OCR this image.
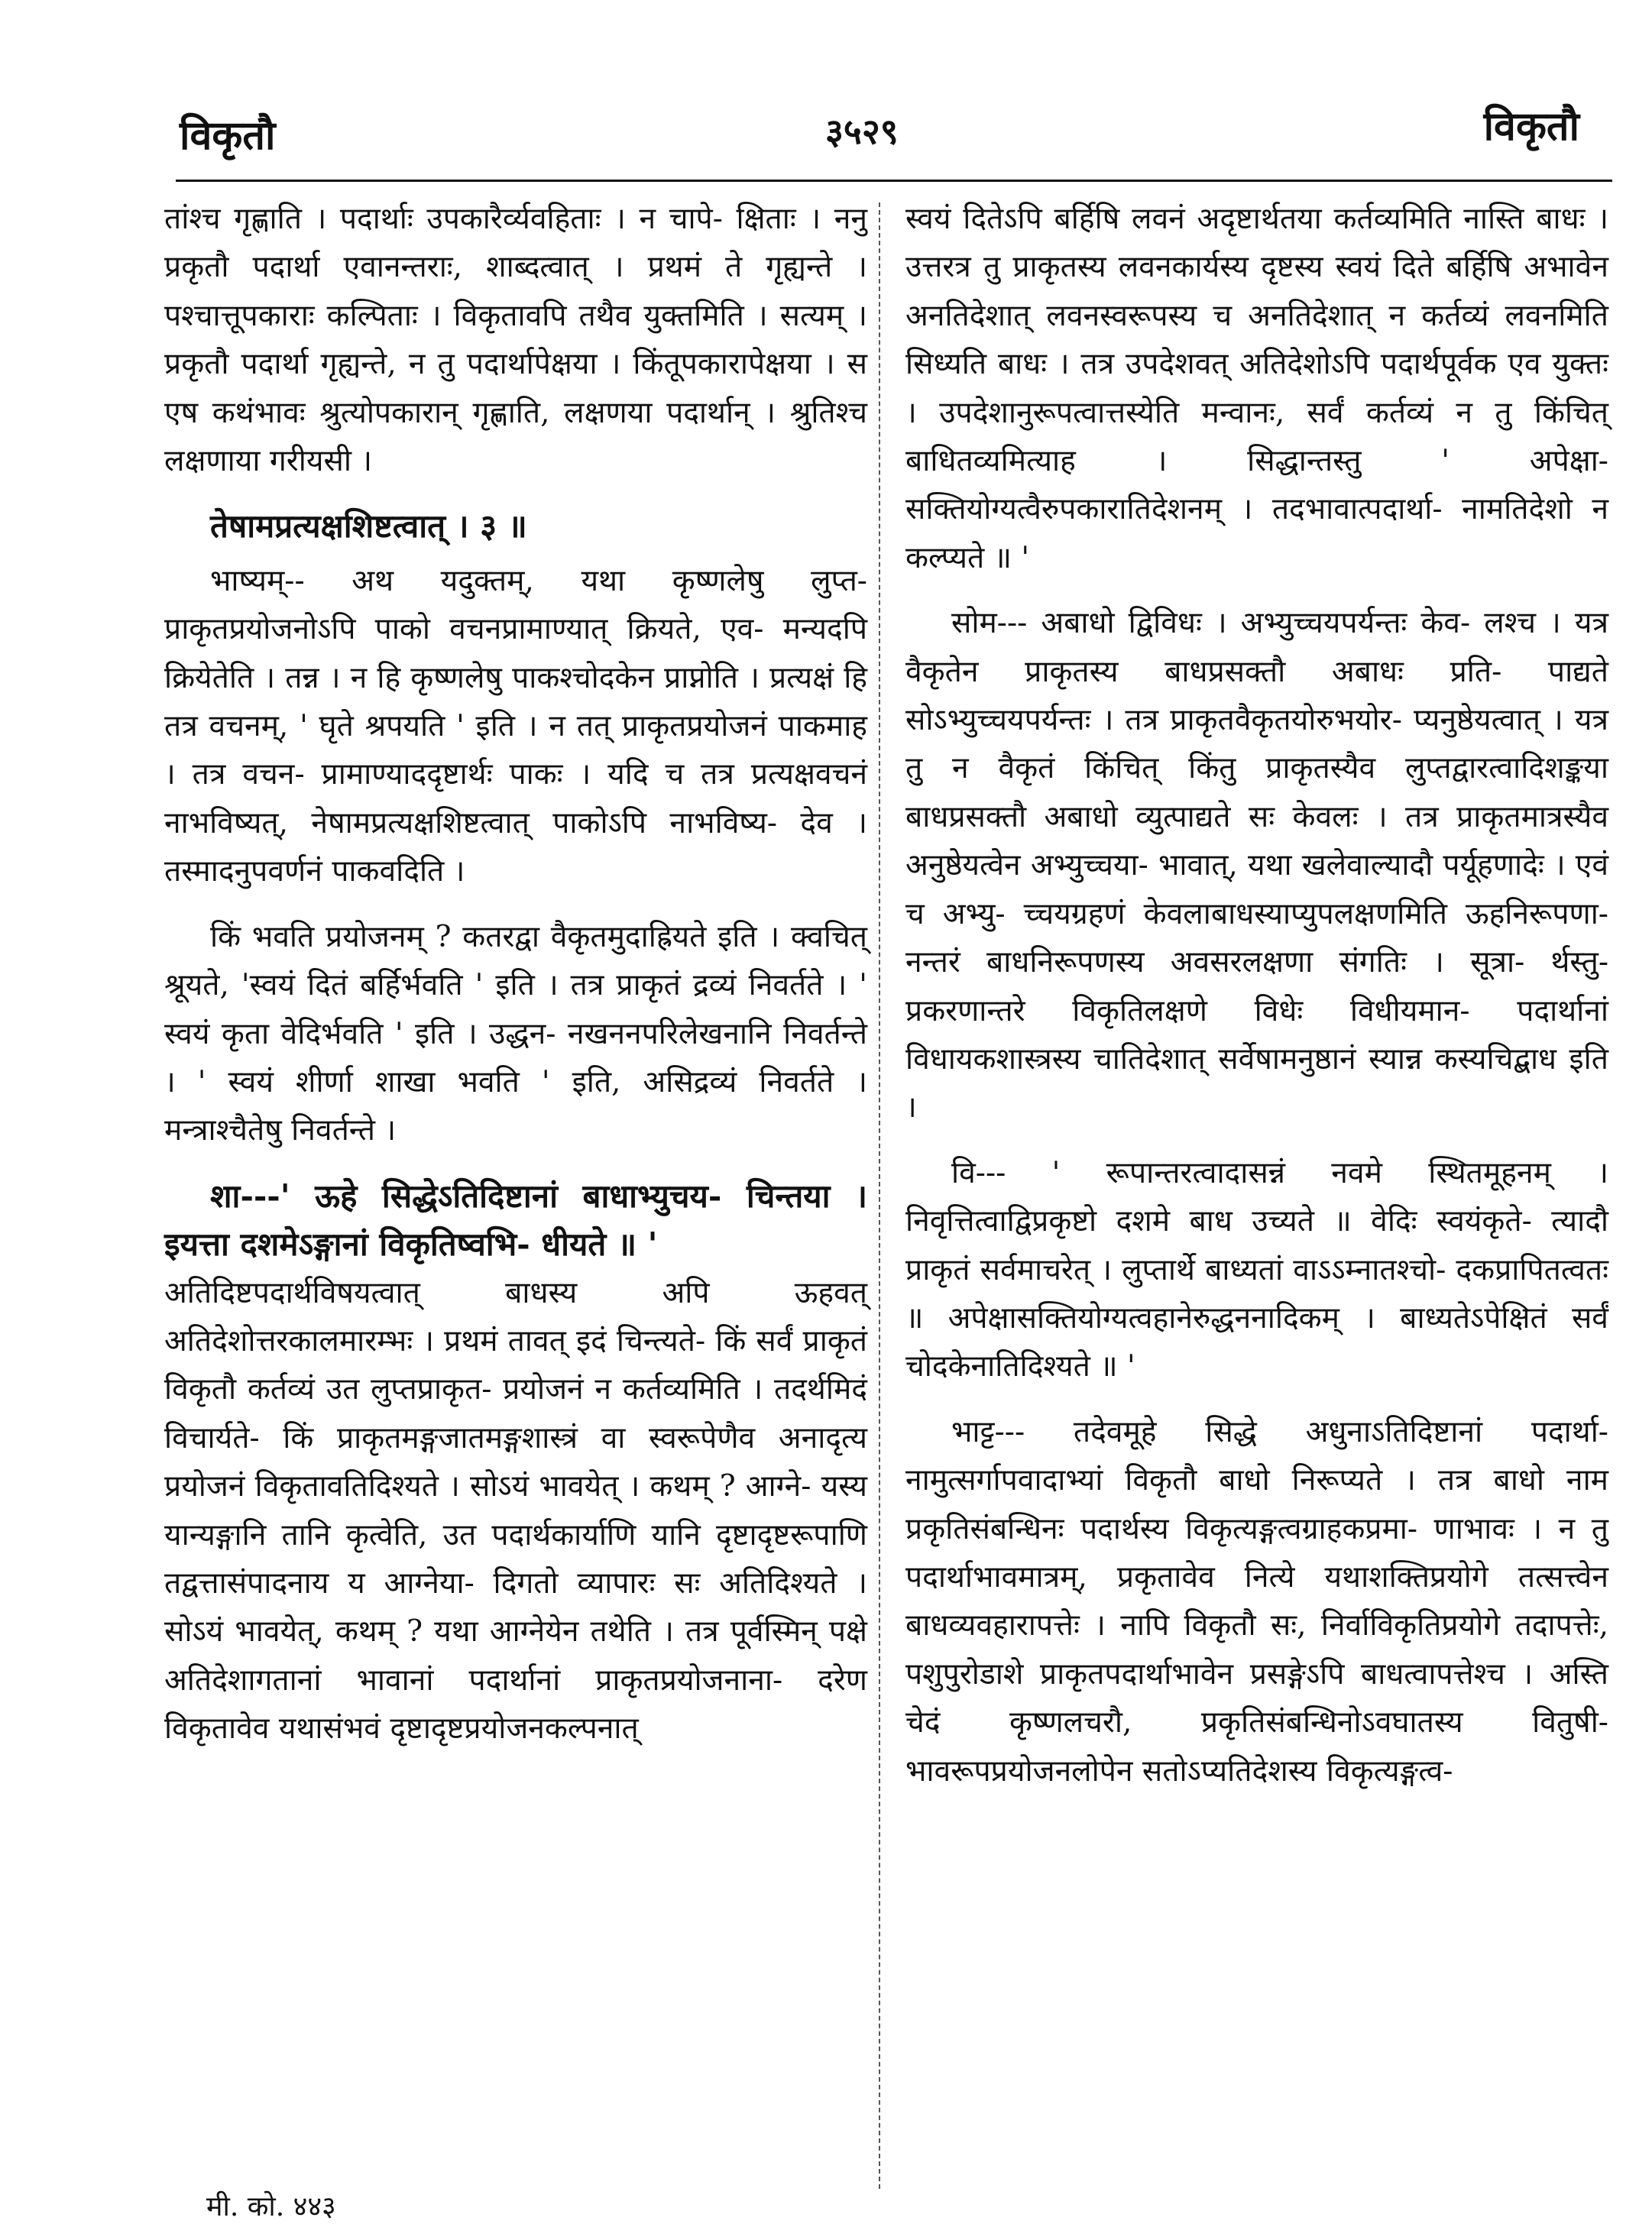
विकृतौ	३५२९	विकृतौ

तांश्च गृह्णाति । पदार्थाः उपकारैर्व्यवहिताः । न चापे- क्षिताः । ननु प्रकृतौ पदार्था एवानन्तराः, शाब्दत्वात् । प्रथमं ते गृह्यन्ते । पश्चात्तूपकाराः कल्पिताः । विकृतावपि तथैव युक्तमिति । सत्यम् । प्रकृतौ पदार्था गृह्यन्ते, न तु पदार्थापेक्षया । किंतूपकारापेक्षया । स एष कथंभावः श्रुत्योपकारान् गृह्णाति, लक्षणया पदार्थान् । श्रुतिश्च लक्षणाया गरीयसी ।

तेषामप्रत्यक्षशिष्टत्वात् । ३ ॥

भाष्यम्-- अथ यदुक्तम्, यथा कृष्णलेषु लुप्त- प्राकृतप्रयोजनोऽपि पाको वचनप्रामाण्यात् क्रियते, एव- मन्यदपि क्रियेतेति । तन्न । न हि कृष्णलेषु पाकश्चोदकेन प्राप्नोति । प्रत्यक्षं हि तत्र वचनम्, ' घृते श्रपयति ' इति । न तत् प्राकृतप्रयोजनं पाकमाह । तत्र वचन- प्रामाण्याददृष्टार्थः पाकः । यदि च तत्र प्रत्यक्षवचनं नाभविष्यत्, नेषामप्रत्यक्षशिष्टत्वात् पाकोऽपि नाभविष्य- देव । तस्मादनुपवर्णनं पाकवदिति ।

किं भवति प्रयोजनम् ? कतरद्वा वैकृतमुदाह्रियते इति । क्वचित् श्रूयते, 'स्वयं दितं बर्हिर्भवति ' इति । तत्र प्राकृतं द्रव्यं निवर्तते । ' स्वयं कृता वेदिर्भवति ' इति । उद्धन- नखननपरिलेखनानि निवर्तन्ते । ' स्वयं शीर्णा शाखा भवति ' इति, असिद्रव्यं निवर्तते । मन्त्राश्चैतेषु निवर्तन्ते ।

शा---' ऊहे सिद्धेऽतिदिष्टानां बाधाभ्युचय- चिन्तया । इयत्ता दशमेऽङ्गानां विकृतिष्वभि- धीयते ॥ '

अतिदिष्टपदार्थविषयत्वात् बाधस्य अपि ऊहवत् अतिदेशोत्तरकालमारम्भः । प्रथमं तावत् इदं चिन्त्यते- किं सर्वं प्राकृतं विकृतौ कर्तव्यं उत लुप्तप्राकृत- प्रयोजनं न कर्तव्यमिति । तदर्थमिदं विचार्यते- किं प्राकृतमङ्गजातमङ्गशास्त्रं वा स्वरूपेणैव अनादृत्य प्रयोजनं विकृतावतिदिश्यते । सोऽयं भावयेत् । कथम् ? आग्ने- यस्य यान्यङ्गानि तानि कृत्वेति, उत पदार्थकार्याणि यानि दृष्टादृष्टरूपाणि तद्वत्तासंपादनाय य आग्नेया- दिगतो व्यापारः सः अतिदिश्यते । सोऽयं भावयेत्, कथम् ? यथा आग्नेयेन तथेति । तत्र पूर्वस्मिन् पक्षे अतिदेशागतानां भावानां पदार्थानां प्राकृतप्रयोजनाना- दरेण विकृतावेव यथासंभवं दृष्टादृष्टप्रयोजनकल्पनात्

स्वयं दितेऽपि बर्हिषि लवनं अदृष्टार्थतया कर्तव्यमिति नास्ति बाधः । उत्तरत्र तु प्राकृतस्य लवनकार्यस्य दृष्टस्य स्वयं दिते बर्हिषि अभावेन अनतिदेशात् लवनस्वरूपस्य च अनतिदेशात् न कर्तव्यं लवनमिति सिध्यति बाधः । तत्र उपदेशवत् अतिदेशोऽपि पदार्थपूर्वक एव युक्तः । उपदेशानुरूपत्वात्तस्येति मन्वानः, सर्वं कर्तव्यं न तु किंचित् बाधितव्यमित्याह । सिद्धान्तस्तु ' अपेक्षा- सक्तियोग्यत्वैरुपकारातिदेशनम् । तदभावात्पदार्था- नामतिदेशो न कल्प्यते ॥ '

सोम--- अबाधो द्विविधः । अभ्युच्चयपर्यन्तः केव- लश्च । यत्र वैकृतेन प्राकृतस्य बाधप्रसक्तौ अबाधः प्रति- पाद्यते सोऽभ्युच्चयपर्यन्तः । तत्र प्राकृतवैकृतयोरुभयोर- प्यनुष्ठेयत्वात् । यत्र तु न वैकृतं किंचित् किंतु प्राकृतस्यैव लुप्तद्वारत्वादिशङ्कया बाधप्रसक्तौ अबाधो व्युत्पाद्यते सः केवलः । तत्र प्राकृतमात्रस्यैव अनुष्ठेयत्वेन अभ्युच्चया- भावात्, यथा खलेवाल्यादौ पर्यूहणादेः । एवं च अभ्यु- च्चयग्रहणं केवलाबाधस्याप्युपलक्षणमिति ऊहनिरूपणा- नन्तरं बाधनिरूपणस्य अवसरलक्षणा संगतिः । सूत्रा- र्थस्तु- प्रकरणान्तरे विकृतिलक्षणे विधेः विधीयमान- पदार्थानां विधायकशास्त्रस्य चातिदेशात् सर्वेषामनुष्ठानं स्यान्न कस्यचिद्बाध इति ।

वि--- ' रूपान्तरत्वादासन्नं नवमे स्थितमूहनम् । निवृत्तित्वाद्विप्रकृष्टो दशमे बाध उच्यते ॥ वेदिः स्वयंकृते- त्यादौ प्राकृतं सर्वमाचरेत् । लुप्तार्थे बाध्यतां वाऽऽम्नातश्चो- दकप्रापितत्वतः ॥ अपेक्षासक्तियोग्यत्वहानेरुद्धननादिकम् । बाध्यतेऽपेक्षितं सर्वं चोदकेनातिदिश्यते ॥ '

भाट्ट--- तदेवमूहे सिद्धे अधुनाऽतिदिष्टानां पदार्था- नामुत्सर्गापवादाभ्यां विकृतौ बाधो निरूप्यते । तत्र बाधो नाम प्रकृतिसंबन्धिनः पदार्थस्य विकृत्यङ्गत्वग्राहकप्रमा- णाभावः । न तु पदार्थाभावमात्रम्, प्रकृतावेव नित्ये यथाशक्तिप्रयोगे तत्सत्त्वेन बाधव्यवहारापत्तेः । नापि विकृतौ सः, निर्वाविकृतिप्रयोगे तदापत्तेः, पशुपुरोडाशे प्राकृतपदार्थाभावेन प्रसङ्गेऽपि बाधत्वापत्तेश्च । अस्ति चेदं कृष्णलचरौ, प्रकृतिसंबन्धिनोऽवघातस्य वितुषी- भावरूपप्रयोजनलोपेन सतोऽप्यतिदेशस्य विकृत्यङ्गत्व-

मी. को. ४४३
